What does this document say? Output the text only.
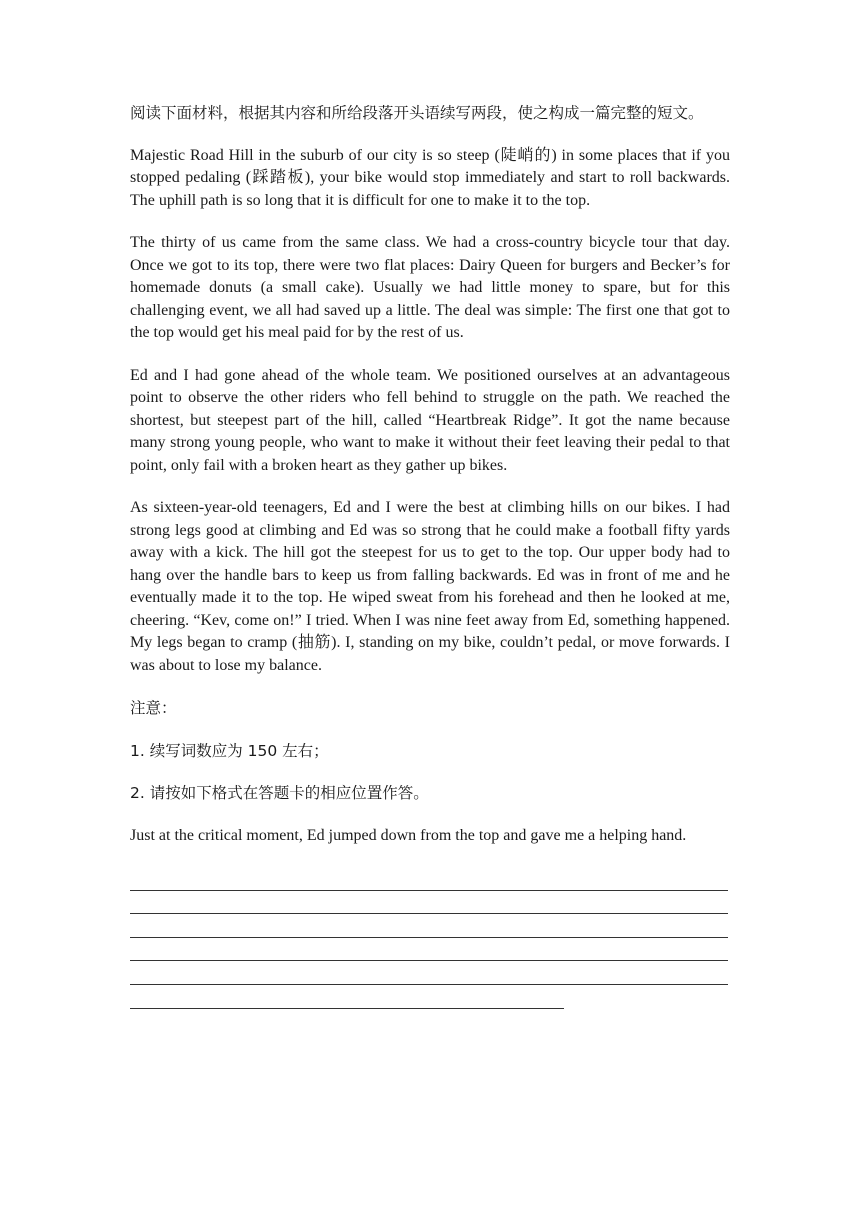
阅读下面材料，根据其内容和所给段落开头语续写两段，使之构成一篇完整的短文。

Majestic Road Hill in the suburb of our city is so steep (陡峭的) in some places that if you stopped pedaling (踩踏板), your bike would stop immediately and start to roll backwards. The uphill path is so long that it is difficult for one to make it to the top.

The thirty of us came from the same class. We had a cross-country bicycle tour that day. Once we got to its top, there were two flat places: Dairy Queen for burgers and Becker’s for homemade donuts (a small cake). Usually we had little money to spare, but for this challenging event, we all had saved up a little. The deal was simple: The first one that got to the top would get his meal paid for by the rest of us.

Ed and I had gone ahead of the whole team. We positioned ourselves at an advantageous point to observe the other riders who fell behind to struggle on the path. We reached the shortest, but steepest part of the hill, called “Heartbreak Ridge”. It got the name because many strong young people, who want to make it without their feet leaving their pedal to that point, only fail with a broken heart as they gather up bikes.

As sixteen-year-old teenagers, Ed and I were the best at climbing hills on our bikes. I had strong legs good at climbing and Ed was so strong that he could make a football fifty yards away with a kick. The hill got the steepest for us to get to the top. Our upper body had to hang over the handle bars to keep us from falling backwards. Ed was in front of me and he eventually made it to the top. He wiped sweat from his forehead and then he looked at me, cheering. “Kev, come on!” I tried. When I was nine feet away from Ed, something happened. My legs began to cramp (抽筋). I, standing on my bike, couldn’t pedal, or move forwards. I was about to lose my balance.

注意：

1. 续写词数应为 150 左右；

2. 请按如下格式在答题卡的相应位置作答。

Just at the critical moment, Ed jumped down from the top and gave me a helping hand.
